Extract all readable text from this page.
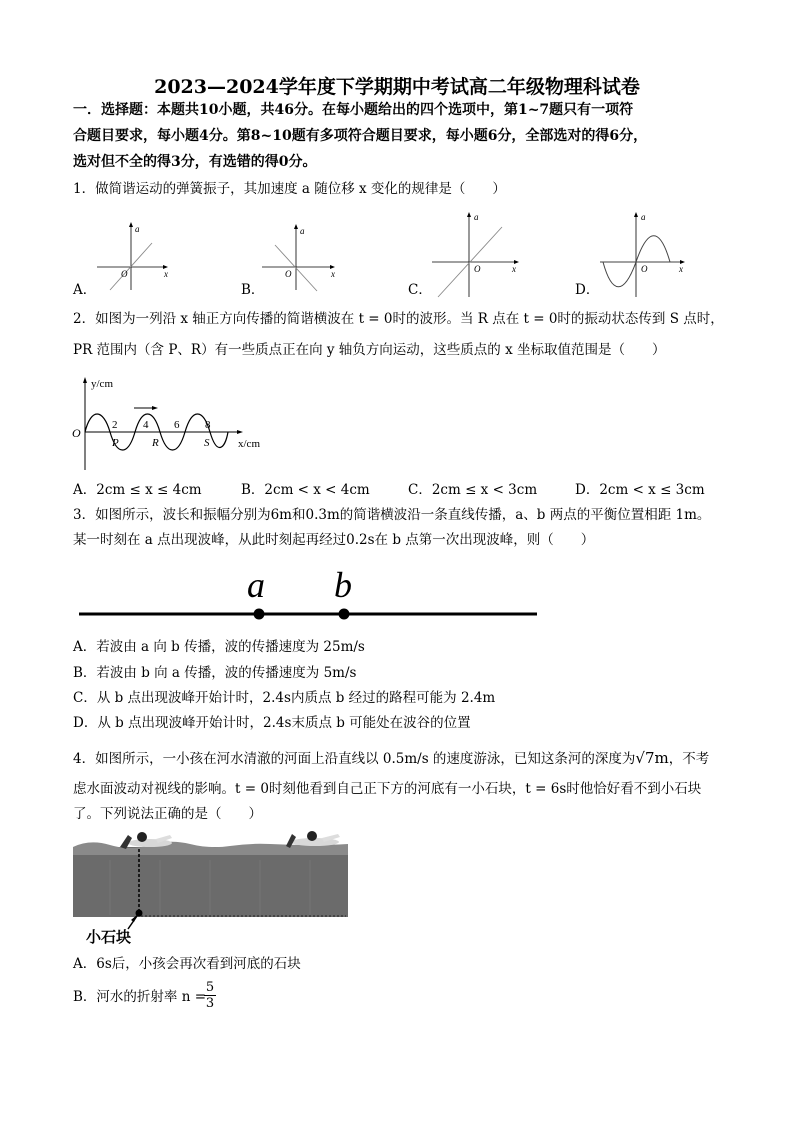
2023—2024学年度下学期期中考试高二年级物理科试卷
一．选择题：本题共10小题，共46分。在每小题给出的四个选项中，第1~7题只有一项符
合题目要求，每小题4分。第8~10题有多项符合题目要求，每小题6分，全部选对的得6分，
选对但不全的得3分，有选错的得0分。
1．做简谐运动的弹簧振子，其加速度 a 随位移 x 变化的规律是（　　）
a
x
O
a
x
O
a
x
O
a
x
O
A．	B．	C．	D．
2．如图为一列沿 x 轴正方向传播的简谐横波在 t = 0时的波形。当 R 点在 t = 0时的振动状态传到 S 点时，
PR 范围内（含 P、R）有一些质点正在向 y 轴负方向运动，这些质点的 x 坐标取值范围是（　　）
y/cm
O
2 4 6 8
P	R	S	x/cm
A．2cm ≤ x ≤ 4cm	B．2cm < x < 4cm	C．2cm ≤ x < 3cm	D．2cm < x ≤ 3cm
3．如图所示，波长和振幅分别为6m和0.3m的简谐横波沿一条直线传播，a、b 两点的平衡位置相距 1m。
某一时刻在 a 点出现波峰，从此时刻起再经过0.2s在 b 点第一次出现波峰，则（　　）
a b
A．若波由 a 向 b 传播，波的传播速度为 25m/s
B．若波由 b 向 a 传播，波的传播速度为 5m/s
C．从 b 点出现波峰开始计时，2.4s内质点 b 经过的路程可能为 2.4m
D．从 b 点出现波峰开始计时，2.4s末质点 b 可能处在波谷的位置
4．如图所示，一小孩在河水清澈的河面上沿直线以 0.5m/s 的速度游泳，已知这条河的深度为√7m，不考
虑水面波动对视线的影响。t = 0时刻他看到自己正下方的河底有一小石块，t = 6s时他恰好看不到小石块
了。下列说法正确的是（　　）
小石块
A．6s后，小孩会再次看到河底的石块
B．河水的折射率 n =
5
3
